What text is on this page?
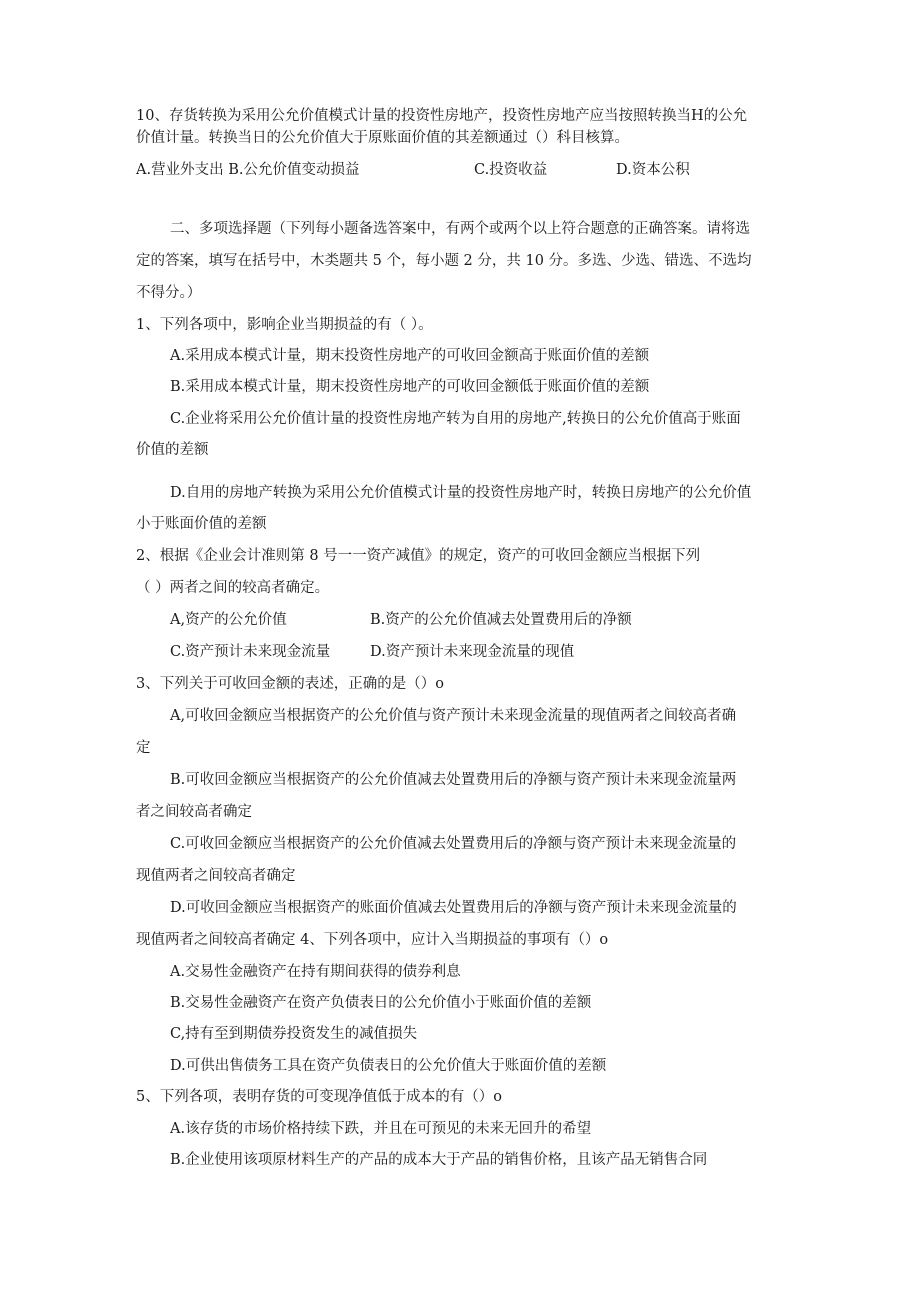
10、存货转换为采用公允价值模式计量的投资性房地产，投资性房地产应当按照转换当H的公允
价值计量。转换当日的公允价值大于原账面价值的其差额通过（）科目核算。
A.营业外支出 B.公允价值变动损益	C.投资收益	D.资本公积
二、多项选择题（下列每小题备选答案中，有两个或两个以上符合题意的正确答案。请将选
定的答案，填写在括号中，木类题共 5 个，每小题 2 分，共 10 分。多选、少选、错选、不选均
不得分。）
1、下列各项中，影响企业当期损益的有（ ）。
A.采用成本模式计量，期末投资性房地产的可收回金额高于账面价值的差额
B.采用成本模式计量，期末投资性房地产的可收回金额低于账面价值的差额
C.企业将采用公允价值计量的投资性房地产转为自用的房地产,转换日的公允价值高于账面
价值的差额
D.自用的房地产转换为采用公允价值模式计量的投资性房地产时，转换日房地产的公允价值
小于账面价值的差额
2、根据《企业会计准则第 8 号一一资产减值》的规定，资产的可收回金额应当根据下列
（ ）两者之间的较高者确定。
A,资产的公允价值	B.资产的公允价值减去处置费用后的净额
C.资产预计未来现金流量	D.资产预计未来现金流量的现值
3、下列关于可收回金额的表述，正确的是（）o
A,可收回金额应当根据资产的公允价值与资产预计未来现金流量的现值两者之间较高者确
定
B.可收回金额应当根据资产的公允价值减去处置费用后的净额与资产预计未来现金流量两
者之间较高者确定
C.可收回金额应当根据资产的公允价值减去处置费用后的净额与资产预计未来现金流量的
现值两者之间较高者确定
D.可收回金额应当根据资产的账面价值减去处置费用后的净额与资产预计未来现金流量的
现值两者之间较高者确定 4、下列各项中，应计入当期损益的事项有（）o
A.交易性金融资产在持有期间获得的债券利息
B.交易性金融资产在资产负债表日的公允价值小于账面价值的差额
C,持有至到期债券投资发生的减值损失
D.可供出售债务工具在资产负债表日的公允价值大于账面价值的差额
5、下列各项，表明存货的可变现净值低于成本的有（）o
A.该存货的市场价格持续下跌，并且在可预见的未来无回升的希望
B.企业使用该项原材料生产的产品的成本大于产品的销售价格，且该产品无销售合同
